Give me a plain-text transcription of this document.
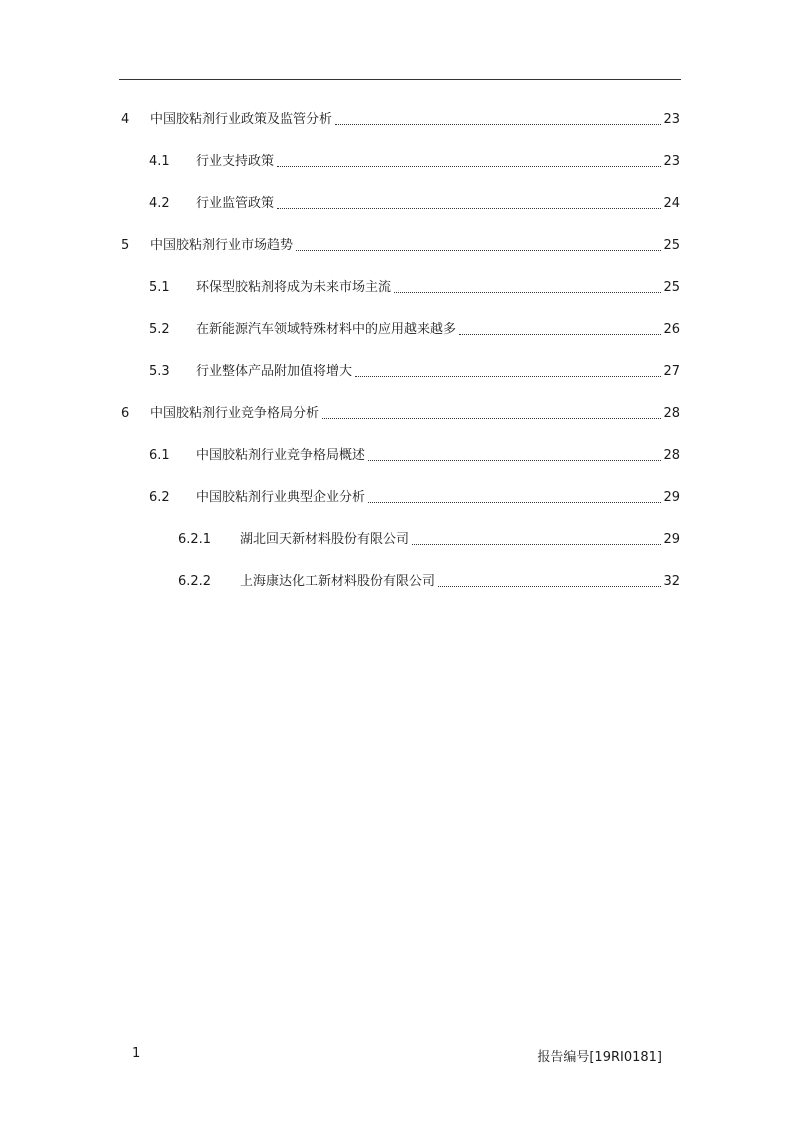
4 中国胶粘剂行业政策及监管分析	23
4.1 行业支持政策	23
4.2 行业监管政策	24
5 中国胶粘剂行业市场趋势	25
5.1 环保型胶粘剂将成为未来市场主流	25
5.2 在新能源汽车领域特殊材料中的应用越来越多	26
5.3 行业整体产品附加值将增大	27
6 中国胶粘剂行业竞争格局分析	28
6.1 中国胶粘剂行业竞争格局概述	28
6.2 中国胶粘剂行业典型企业分析	29
6.2.1 湖北回天新材料股份有限公司	29
6.2.2 上海康达化工新材料股份有限公司	32
1	报告编号[19RI0181]
